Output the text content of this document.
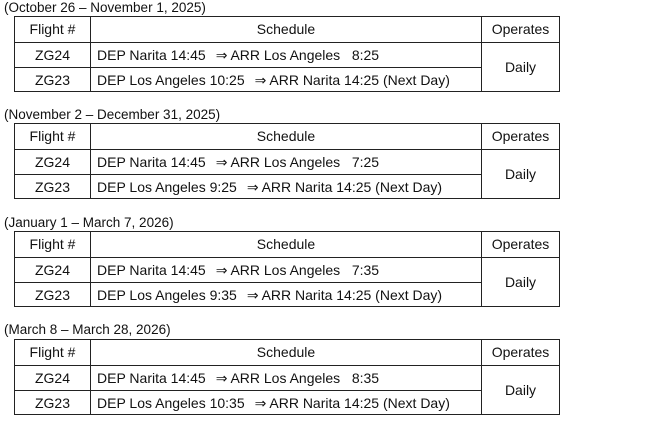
(October 26 – November 1, 2025)
Flight #	Schedule	Operates
ZG24	DEP Narita 14:45 ⇒ ARR Los Angeles   8:25
ZG23	DEP Los Angeles 10:25 ⇒ ARR Narita 14:25 (Next Day)
Daily
(November 2 – December 31, 2025)
Flight #	Schedule	Operates
ZG24	DEP Narita 14:45 ⇒ ARR Los Angeles   7:25
ZG23	DEP Los Angeles 9:25 ⇒ ARR Narita 14:25 (Next Day)
Daily
(January 1 – March 7, 2026)
Flight #	Schedule	Operates
ZG24	DEP Narita 14:45 ⇒ ARR Los Angeles   7:35
ZG23	DEP Los Angeles 9:35 ⇒ ARR Narita 14:25 (Next Day)
Daily
(March 8 – March 28, 2026)
Flight #	Schedule	Operates
ZG24	DEP Narita 14:45 ⇒ ARR Los Angeles   8:35
ZG23	DEP Los Angeles 10:35 ⇒ ARR Narita 14:25 (Next Day)
Daily
